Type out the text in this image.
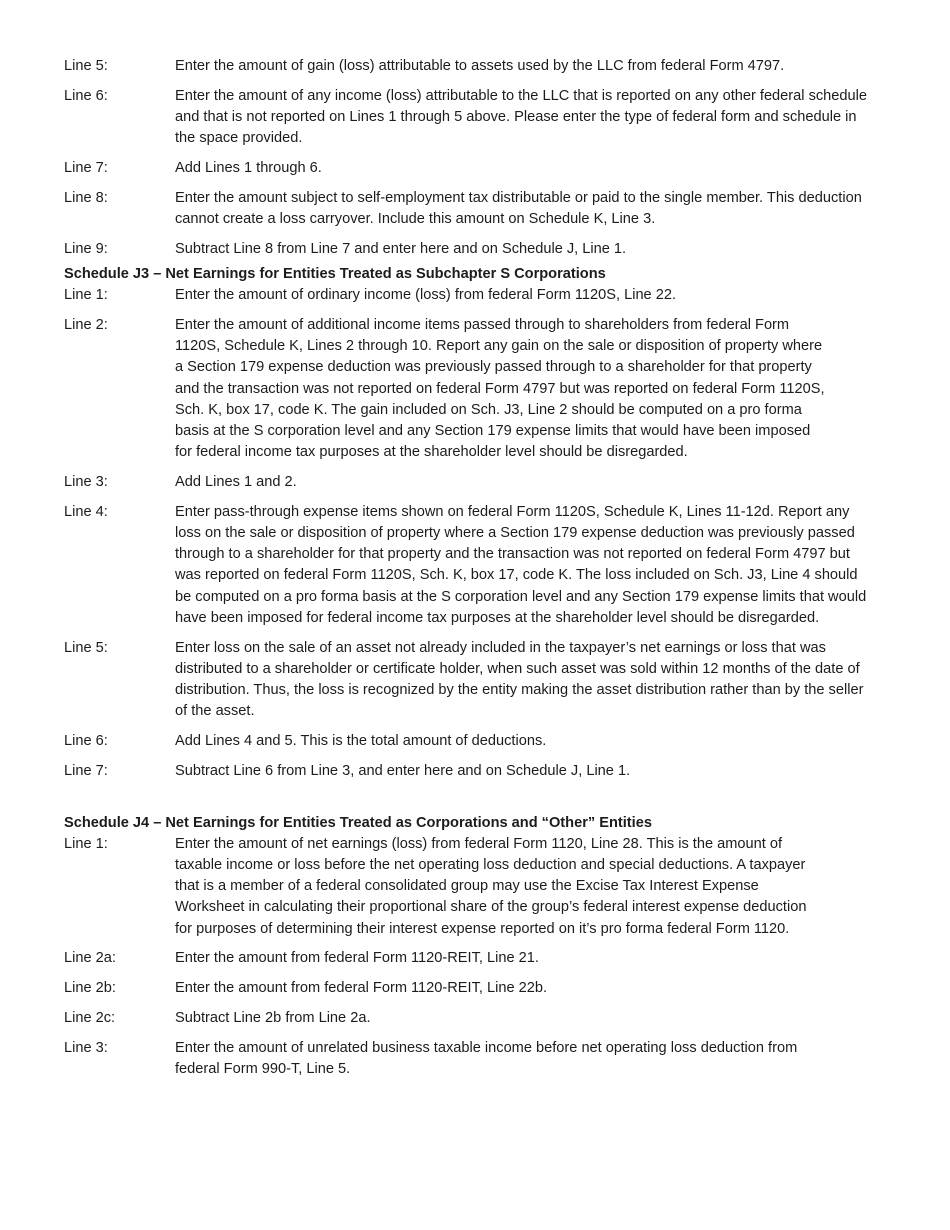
Line 5:	Enter the amount of gain (loss) attributable to assets used by the LLC from federal Form 4797.
Line 6:	Enter the amount of any income (loss) attributable to the LLC that is reported on any other federal schedule and that is not reported on Lines 1 through 5 above. Please enter the type of federal form and schedule in the space provided.
Line 7:	Add Lines 1 through 6.
Line 8:	Enter the amount subject to self-employment tax distributable or paid to the single member. This deduction cannot create a loss carryover. Include this amount on Schedule K, Line 3.
Line 9:	Subtract Line 8 from Line 7 and enter here and on Schedule J, Line 1.

Schedule J3 – Net Earnings for Entities Treated as Subchapter S Corporations

Line 1:	Enter the amount of ordinary income (loss) from federal Form 1120S, Line 22.
Line 2:	Enter the amount of additional income items passed through to shareholders from federal Form 1120S, Schedule K, Lines 2 through 10. Report any gain on the sale or disposition of property where a Section 179 expense deduction was previously passed through to a shareholder for that property and the transaction was not reported on federal Form 4797 but was reported on federal Form 1120S, Sch. K, box 17, code K. The gain included on Sch. J3, Line 2 should be computed on a pro forma basis at the S corporation level and any Section 179 expense limits that would have been imposed for federal income tax purposes at the shareholder level should be disregarded.
Line 3:	Add Lines 1 and 2.
Line 4:	Enter pass-through expense items shown on federal Form 1120S, Schedule K, Lines 11-12d. Report any loss on the sale or disposition of property where a Section 179 expense deduction was previously passed through to a shareholder for that property and the transaction was not reported on federal Form 4797 but was reported on federal Form 1120S, Sch. K, box 17, code K. The loss included on Sch. J3, Line 4 should be computed on a pro forma basis at the S corporation level and any Section 179 expense limits that would have been imposed for federal income tax purposes at the shareholder level should be disregarded.
Line 5:	Enter loss on the sale of an asset not already included in the taxpayer’s net earnings or loss that was distributed to a shareholder or certificate holder, when such asset was sold within 12 months of the date of distribution. Thus, the loss is recognized by the entity making the asset distribution rather than by the seller of the asset.
Line 6:	Add Lines 4 and 5. This is the total amount of deductions.
Line 7:	Subtract Line 6 from Line 3, and enter here and on Schedule J, Line 1.

Schedule J4 – Net Earnings for Entities Treated as Corporations and “Other” Entities

Line 1:	Enter the amount of net earnings (loss) from federal Form 1120, Line 28. This is the amount of taxable income or loss before the net operating loss deduction and special deductions. A taxpayer that is a member of a federal consolidated group may use the Excise Tax Interest Expense Worksheet in calculating their proportional share of the group’s federal interest expense deduction for purposes of determining their interest expense reported on it’s pro forma federal Form 1120.
Line 2a:	Enter the amount from federal Form 1120-REIT, Line 21.
Line 2b:	Enter the amount from federal Form 1120-REIT, Line 22b.
Line 2c:	Subtract Line 2b from Line 2a.
Line 3:	Enter the amount of unrelated business taxable income before net operating loss deduction from federal Form 990-T, Line 5.
